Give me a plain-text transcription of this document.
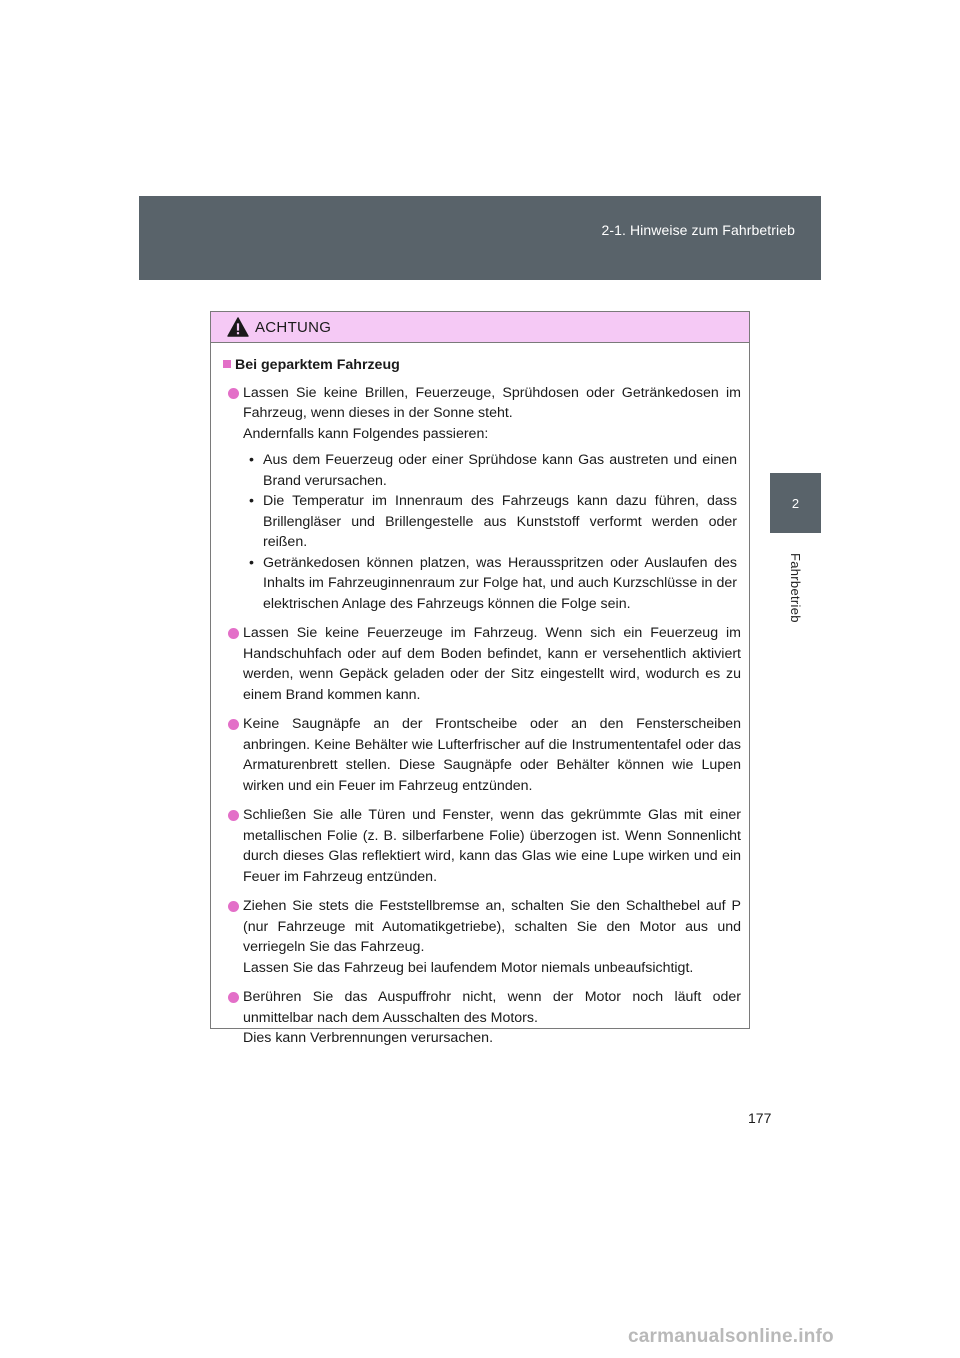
2-1. Hinweise zum Fahrbetrieb
2
Fahrbetrieb
ACHTUNG
Bei geparktem Fahrzeug

Lassen Sie keine Brillen, Feuerzeuge, Sprühdosen oder Getränkedosen im Fahrzeug, wenn dieses in der Sonne steht.

Andernfalls kann Folgendes passieren:

• Aus dem Feuerzeug oder einer Sprühdose kann Gas austreten und einen Brand verursachen.
• Die Temperatur im Innenraum des Fahrzeugs kann dazu führen, dass Brillengläser und Brillengestelle aus Kunststoff verformt werden oder reißen.
• Getränkedosen können platzen, was Herausspritzen oder Auslaufen des Inhalts im Fahrzeuginnenraum zur Folge hat, und auch Kurzschlüsse in der elektrischen Anlage des Fahrzeugs können die Folge sein.

Lassen Sie keine Feuerzeuge im Fahrzeug. Wenn sich ein Feuerzeug im Handschuhfach oder auf dem Boden befindet, kann er versehentlich aktiviert werden, wenn Gepäck geladen oder der Sitz eingestellt wird, wodurch es zu einem Brand kommen kann.

Keine Saugnäpfe an der Frontscheibe oder an den Fensterscheiben anbringen. Keine Behälter wie Lufterfrischer auf die Instrumententafel oder das Armaturenbrett stellen. Diese Saugnäpfe oder Behälter können wie Lupen wirken und ein Feuer im Fahrzeug entzünden.

Schließen Sie alle Türen und Fenster, wenn das gekrümmte Glas mit einer metallischen Folie (z. B. silberfarbene Folie) überzogen ist. Wenn Sonnenlicht durch dieses Glas reflektiert wird, kann das Glas wie eine Lupe wirken und ein Feuer im Fahrzeug entzünden.

Ziehen Sie stets die Feststellbremse an, schalten Sie den Schalthebel auf P (nur Fahrzeuge mit Automatikgetriebe), schalten Sie den Motor aus und verriegeln Sie das Fahrzeug.

Lassen Sie das Fahrzeug bei laufendem Motor niemals unbeaufsichtigt.

Berühren Sie das Auspuffrohr nicht, wenn der Motor noch läuft oder unmittelbar nach dem Ausschalten des Motors.

Dies kann Verbrennungen verursachen.

177
carmanualsonline.info
